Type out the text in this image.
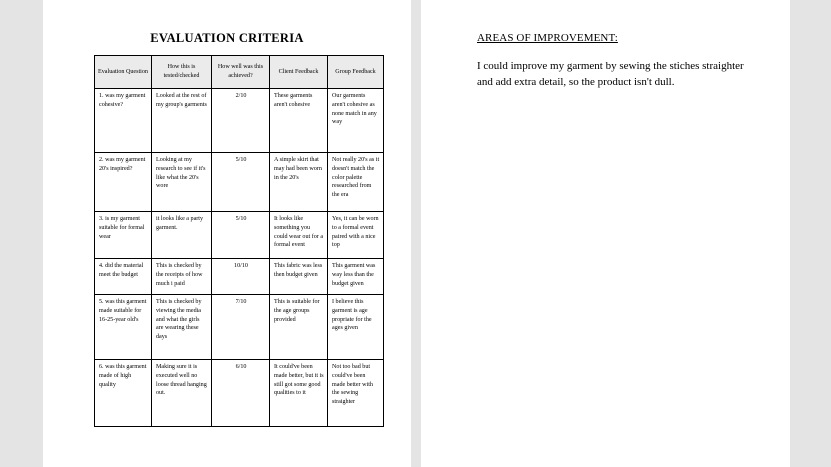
EVALUATION CRITERIA
Evaluation Question	How this is tested/checked	How well was this achieved?	Client Feedback	Group Feedback
1. was my garment cohesive?	Looked at the rest of my group's garments	2/10	These garments aren't cohesive	Our garments aren't cohesive as none match in any way
2. was my garment 20's inspired?	Looking at my research to see if it's like what the 20's wore	5/10	A simple skirt that may had been worn in the 20's	Not really 20's as it doesn't match the color palette researched from the era
3. is my garment suitable for formal wear	it looks like a party garment.	5/10	It looks like something you could wear out for a formal event	Yes, it can be worn to a formal event paired with a nice top
4. did the material meet the budget	This is checked by the receipts of how much i paid	10/10	This fabric was less then budget given	This garment was way less than the budget given
5. was this garment made suitable for 16-25-year old's	This is checked by viewing the media and what the girls are wearing these days	7/10	This is suitable for the age groups provided	I believe this garment is age propriate for the ages given
6. was this garment made of high quality	Making sure it is executed well no loose thread hanging out.	6/10	It could've been made better, but it is still got some good qualities to it	Not too bad but could've been made better with the sewing straighter
AREAS OF IMPROVEMENT:
I could improve my garment by sewing the stiches straighter and add extra detail, so the product isn't dull.
